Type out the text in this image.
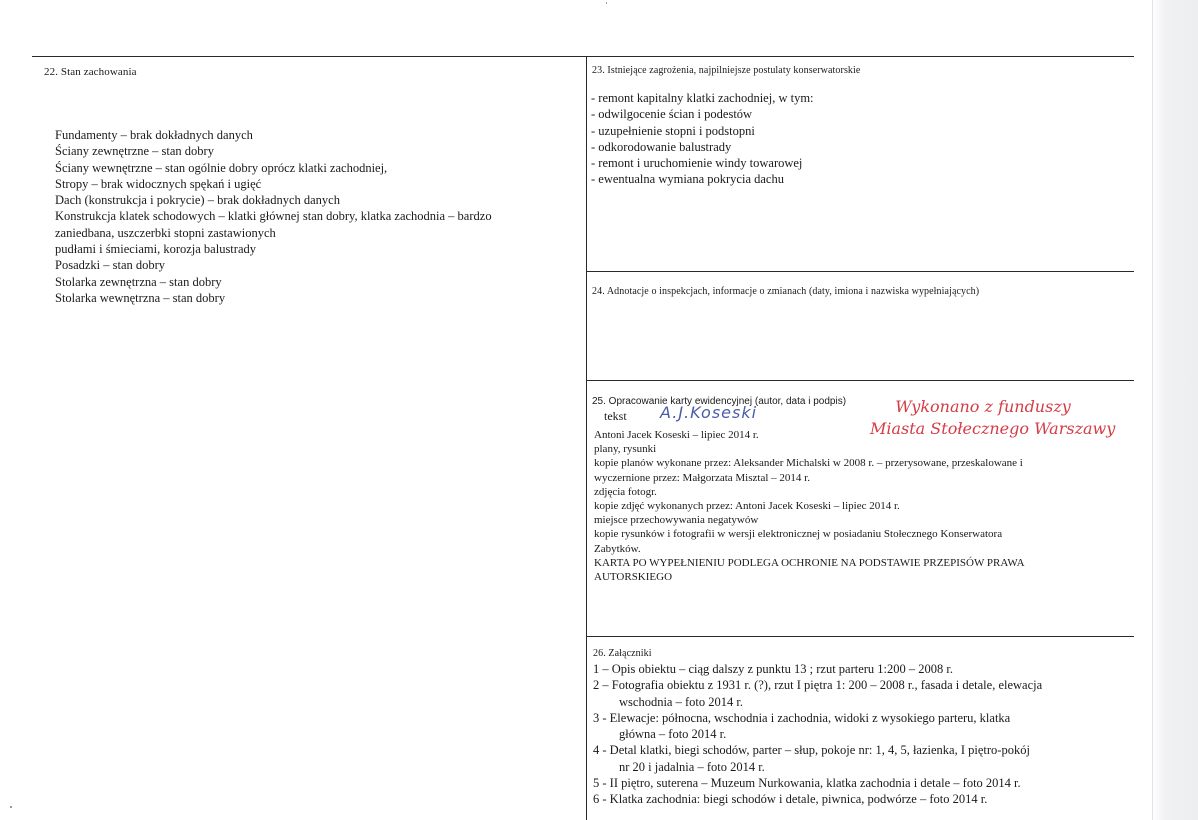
22. Stan zachowania
Fundamenty – brak dokładnych danych
Ściany zewnętrzne – stan dobry
Ściany wewnętrzne – stan ogólnie dobry oprócz klatki zachodniej,
Stropy – brak widocznych spękań i ugięć
Dach (konstrukcja i pokrycie) – brak dokładnych danych
Konstrukcja klatek schodowych – klatki głównej stan dobry, klatka zachodnia – bardzo
zaniedbana, uszczerbki stopni zastawionych
pudłami i śmieciami, korozja balustrady
Posadzki – stan dobry
Stolarka zewnętrzna – stan dobry
Stolarka wewnętrzna – stan dobry
23. Istniejące zagrożenia, najpilniejsze postulaty konserwatorskie
- remont kapitalny klatki zachodniej, w tym:
- odwilgocenie ścian i podestów
- uzupełnienie stopni i podstopni
- odkorodowanie balustrady
- remont i uruchomienie windy towarowej
- ewentualna wymiana pokrycia dachu
24. Adnotacje o inspekcjach, informacje o zmianach (daty, imiona i nazwiska wypełniających)
25. Opracowanie karty ewidencyjnej (autor, data i podpis)
tekst A.J.Koseski	Wykonano z funduszy
Miasta Stołecznego Warszawy
Antoni Jacek Koseski – lipiec 2014 r.
plany, rysunki
kopie planów wykonane przez: Aleksander Michalski w 2008 r. – przerysowane, przeskalowane i
wyczernione przez: Małgorzata Misztal – 2014 r.
zdjęcia fotogr.
kopie zdjęć wykonanych przez: Antoni Jacek Koseski – lipiec 2014 r.
miejsce przechowywania negatywów
kopie rysunków i fotografii w wersji elektronicznej w posiadaniu Stołecznego Konserwatora
Zabytków.
KARTA PO WYPEŁNIENIU PODLEGA OCHRONIE NA PODSTAWIE PRZEPISÓW PRAWA
AUTORSKIEGO
26. Załączniki
1 – Opis obiektu – ciąg dalszy z punktu 13 ; rzut parteru 1:200 – 2008 r.
2 – Fotografia obiektu z 1931 r. (?), rzut I piętra 1: 200 – 2008 r., fasada i detale, elewacja
wschodnia – foto 2014 r.
3 - Elewacje: północna, wschodnia i zachodnia, widoki z wysokiego parteru, klatka
główna – foto 2014 r.
4 - Detal klatki, biegi schodów, parter – słup, pokoje nr: 1, 4, 5, łazienka, I piętro-pokój
nr 20 i jadalnia – foto 2014 r.
5 - II piętro, suterena – Muzeum Nurkowania, klatka zachodnia i detale – foto 2014 r.
6 - Klatka zachodnia: biegi schodów i detale, piwnica, podwórze – foto 2014 r.
